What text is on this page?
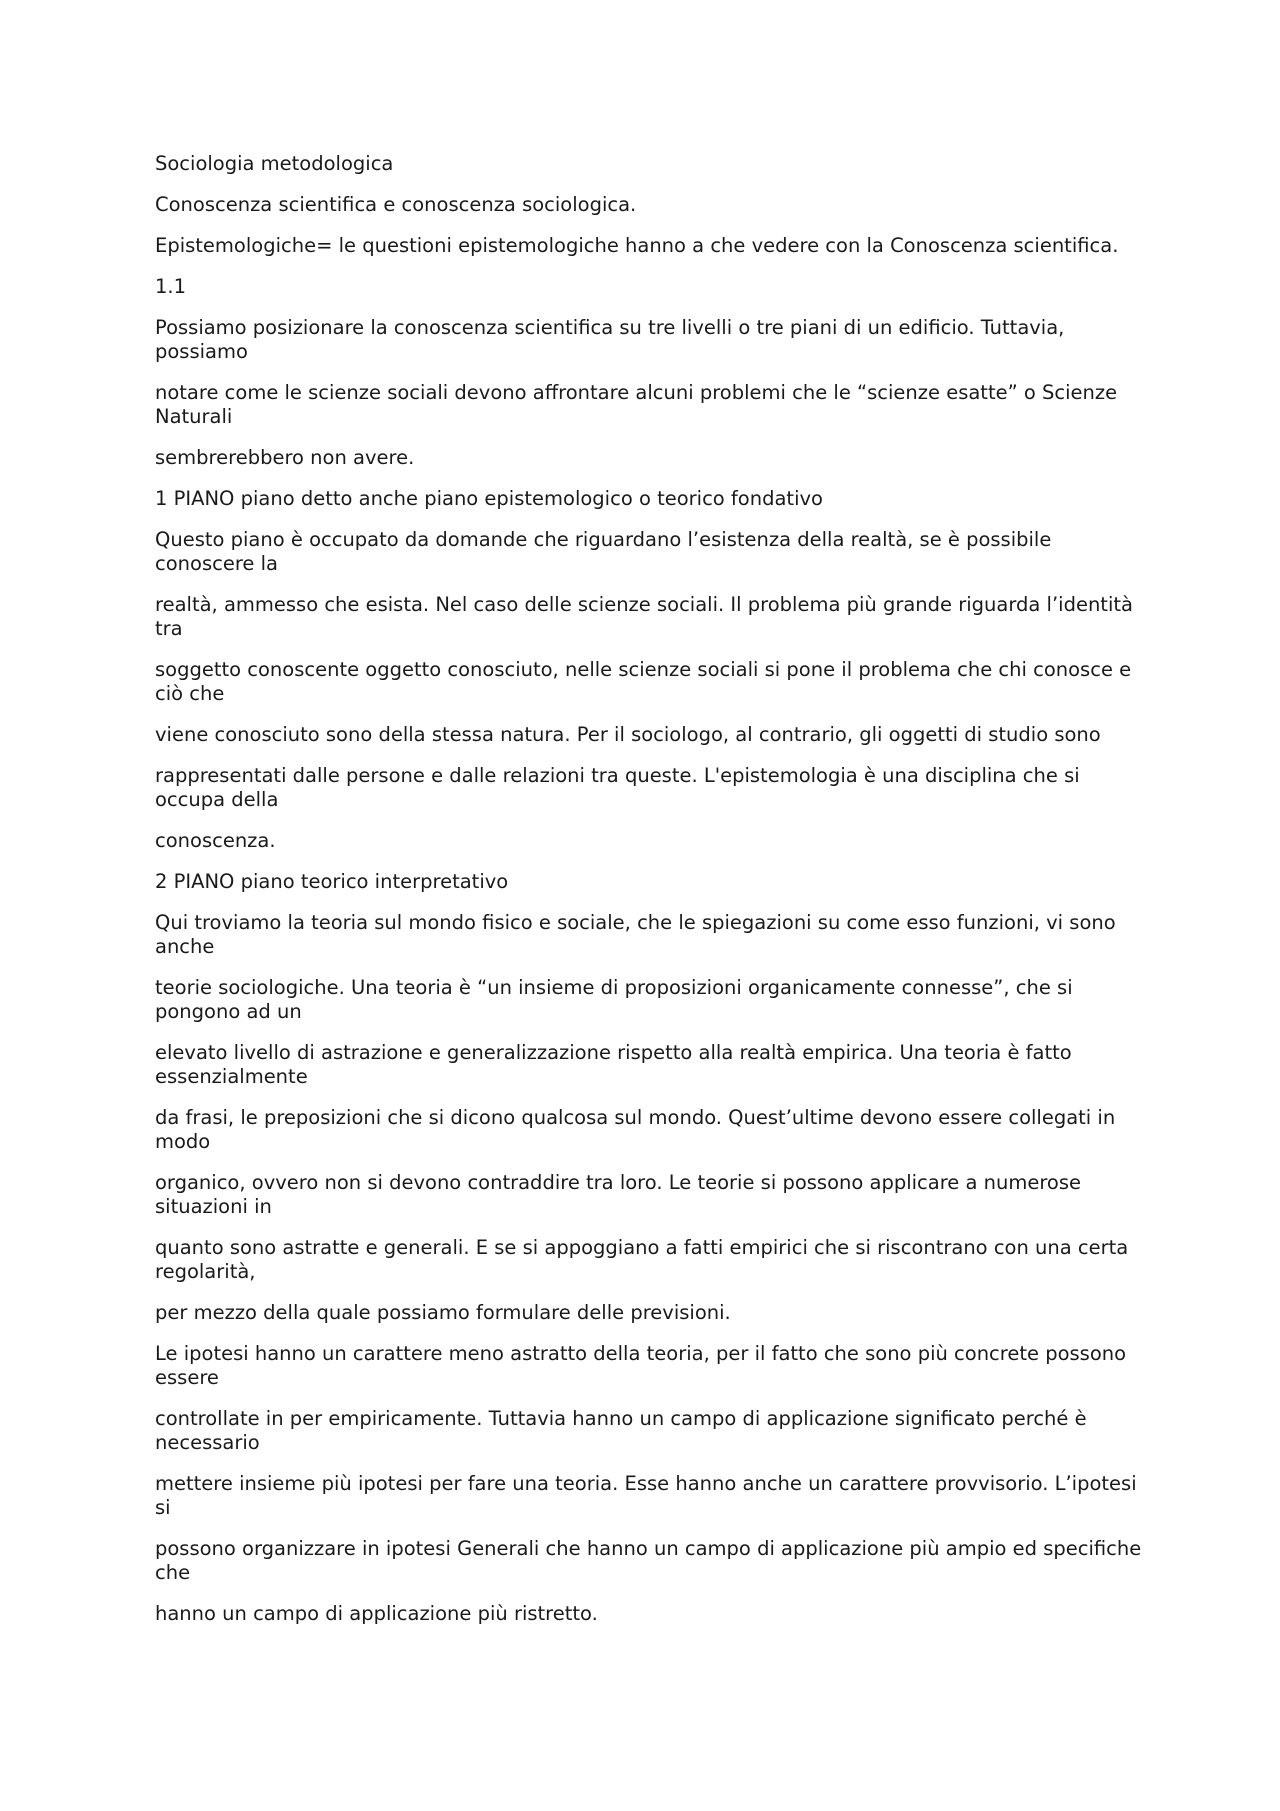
Sociologia metodologica

Conoscenza scientifica e conoscenza sociologica.

Epistemologiche= le questioni epistemologiche hanno a che vedere con la Conoscenza scientifica.

1.1

Possiamo posizionare la conoscenza scientifica su tre livelli o tre piani di un edificio. Tuttavia,
possiamo

notare come le scienze sociali devono affrontare alcuni problemi che le “scienze esatte” o Scienze
Naturali

sembrerebbero non avere.

1 PIANO piano detto anche piano epistemologico o teorico fondativo

Questo piano è occupato da domande che riguardano l’esistenza della realtà, se è possibile
conoscere la

realtà, ammesso che esista. Nel caso delle scienze sociali. Il problema più grande riguarda l’identità
tra

soggetto conoscente oggetto conosciuto, nelle scienze sociali si pone il problema che chi conosce e
ciò che

viene conosciuto sono della stessa natura. Per il sociologo, al contrario, gli oggetti di studio sono

rappresentati dalle persone e dalle relazioni tra queste. L'epistemologia è una disciplina che si
occupa della

conoscenza.

2 PIANO piano teorico interpretativo

Qui troviamo la teoria sul mondo fisico e sociale, che le spiegazioni su come esso funzioni, vi sono
anche

teorie sociologiche. Una teoria è “un insieme di proposizioni organicamente connesse”, che si
pongono ad un

elevato livello di astrazione e generalizzazione rispetto alla realtà empirica. Una teoria è fatto
essenzialmente

da frasi, le preposizioni che si dicono qualcosa sul mondo. Quest’ultime devono essere collegati in
modo

organico, ovvero non si devono contraddire tra loro. Le teorie si possono applicare a numerose
situazioni in

quanto sono astratte e generali. E se si appoggiano a fatti empirici che si riscontrano con una certa
regolarità,

per mezzo della quale possiamo formulare delle previsioni.

Le ipotesi hanno un carattere meno astratto della teoria, per il fatto che sono più concrete possono
essere

controllate in per empiricamente. Tuttavia hanno un campo di applicazione significato perché è
necessario

mettere insieme più ipotesi per fare una teoria. Esse hanno anche un carattere provvisorio. L’ipotesi
si

possono organizzare in ipotesi Generali che hanno un campo di applicazione più ampio ed specifiche
che

hanno un campo di applicazione più ristretto.
